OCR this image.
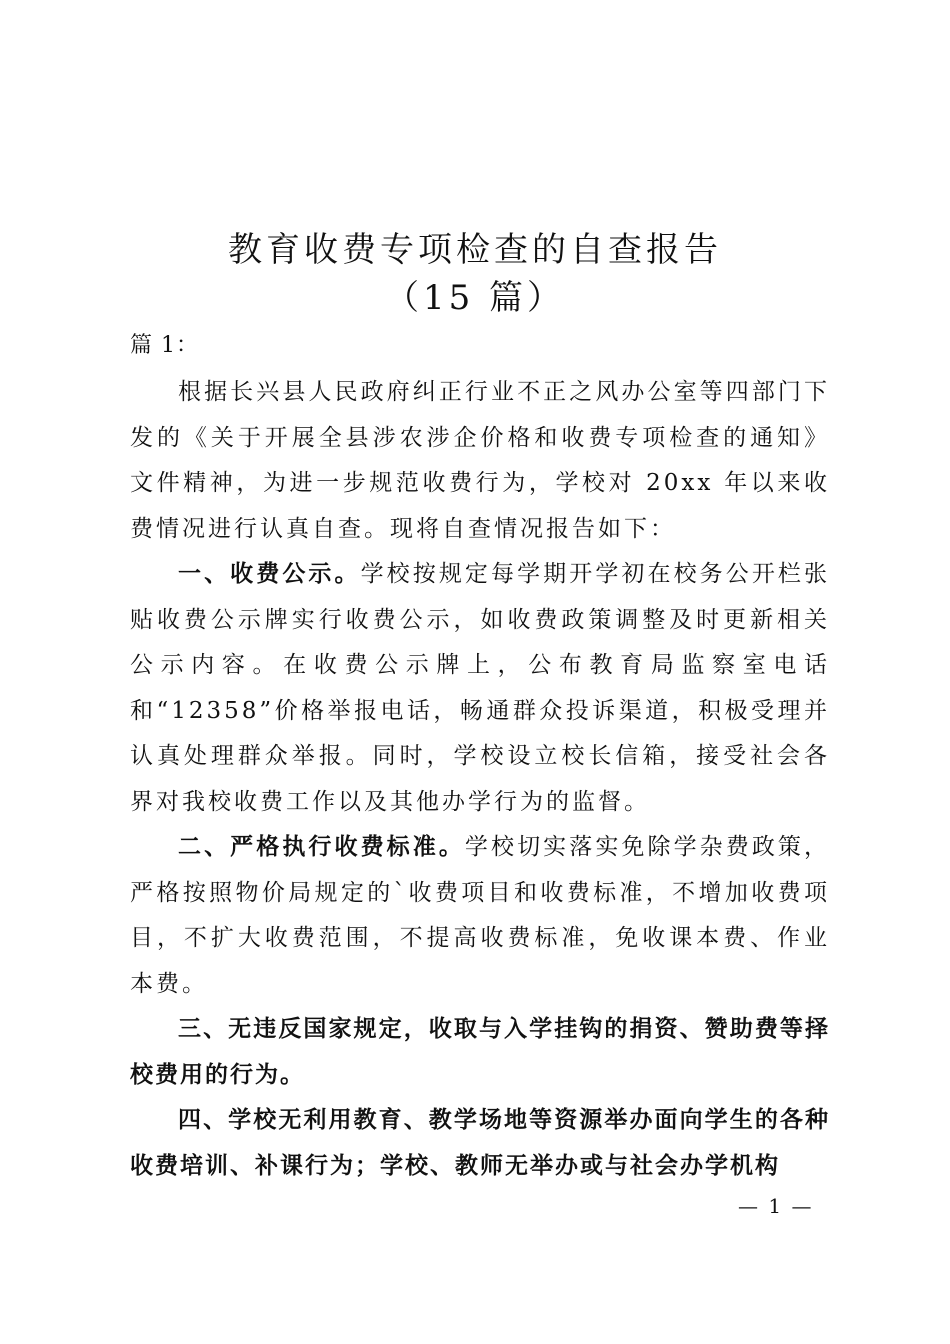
教育收费专项检查的自查报告
（15 篇）
篇 1：

根据长兴县人民政府纠正行业不正之风办公室等四部门下发的《关于开展全县涉农涉企价格和收费专项检查的通知》文件精神，为进一步规范收费行为，学校对 20xx 年以来收费情况进行认真自查。现将自查情况报告如下：

一、收费公示。学校按规定每学期开学初在校务公开栏张贴收费公示牌实行收费公示，如收费政策调整及时更新相关公示内容。在收费公示牌上，公布教育局监察室电话和“12358”价格举报电话，畅通群众投诉渠道，积极受理并认真处理群众举报。同时，学校设立校长信箱，接受社会各界对我校收费工作以及其他办学行为的监督。

二、严格执行收费标准。学校切实落实免除学杂费政策，严格按照物价局规定的`收费项目和收费标准，不增加收费项目，不扩大收费范围，不提高收费标准，免收课本费、作业本费。

三、无违反国家规定，收取与入学挂钩的捐资、赞助费等择校费用的行为。

四、学校无利用教育、教学场地等资源举办面向学生的各种收费培训、补课行为；学校、教师无举办或与社会办学机构

— 1 —
